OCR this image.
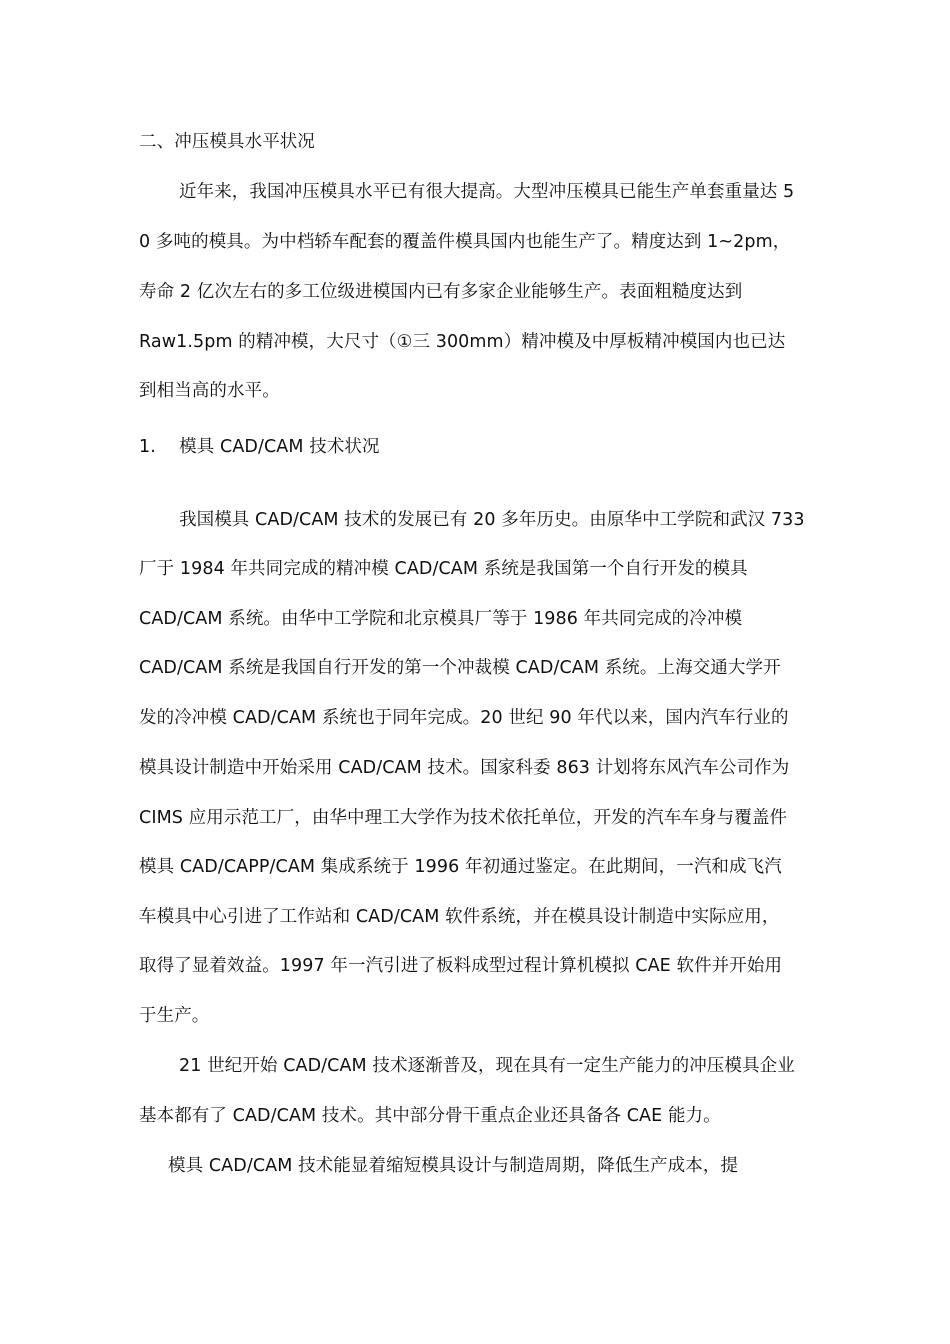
二、冲压模具水平状况
近年来，我国冲压模具水平已有很大提高。大型冲压模具已能生产单套重量达 5
0 多吨的模具。为中档轿车配套的覆盖件模具国内也能生产了。精度达到 1~2pm，
寿命 2 亿次左右的多工位级进模国内已有多家企业能够生产。表面粗糙度达到
Raw1.5pm 的精冲模，大尺寸（①三 300mm）精冲模及中厚板精冲模国内也已达
到相当高的水平。
1.　 模具 CAD/CAM 技术状况
我国模具 CAD/CAM 技术的发展已有 20 多年历史。由原华中工学院和武汉 733
厂于 1984 年共同完成的精冲模 CAD/CAM 系统是我国第一个自行开发的模具
CAD/CAM 系统。由华中工学院和北京模具厂等于 1986 年共同完成的冷冲模
CAD/CAM 系统是我国自行开发的第一个冲裁模 CAD/CAM 系统。上海交通大学开
发的冷冲模 CAD/CAM 系统也于同年完成。20 世纪 90 年代以来，国内汽车行业的
模具设计制造中开始采用 CAD/CAM 技术。国家科委 863 计划将东风汽车公司作为
CIMS 应用示范工厂，由华中理工大学作为技术依托单位，开发的汽车车身与覆盖件
模具 CAD/CAPP/CAM 集成系统于 1996 年初通过鉴定。在此期间，一汽和成飞汽
车模具中心引进了工作站和 CAD/CAM 软件系统，并在模具设计制造中实际应用，
取得了显着效益。1997 年一汽引进了板料成型过程计算机模拟 CAE 软件并开始用
于生产。
21 世纪开始 CAD/CAM 技术逐渐普及，现在具有一定生产能力的冲压模具企业
基本都有了 CAD/CAM 技术。其中部分骨干重点企业还具备各 CAE 能力。
模具 CAD/CAM 技术能显着缩短模具设计与制造周期，降低生产成本，提
